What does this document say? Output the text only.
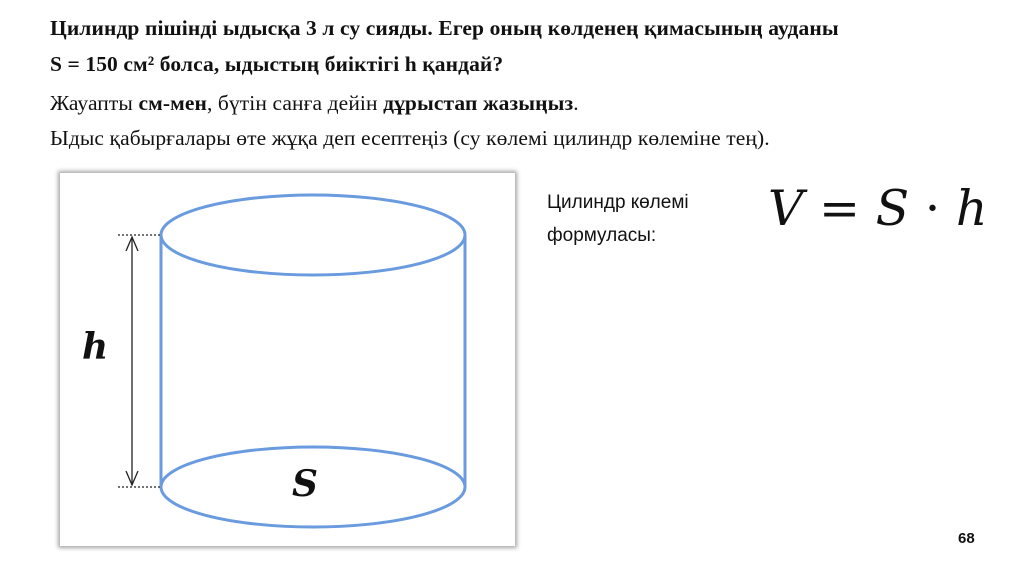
Цилиндр пішінді ыдысқа 3 л су сияды. Егер оның көлденең қимасының ауданы
S = 150 см² болса, ыдыстың биіктігі h қандай?
Жауапты см-мен, бүтін санға дейін дұрыстап жазыңыз.
Ыдыс қабырғалары өте жұқа деп есептеңіз (су көлемі цилиндр көлеміне тең).
h
S
Цилиндр көлемі
формуласы:	V = S · h
68
